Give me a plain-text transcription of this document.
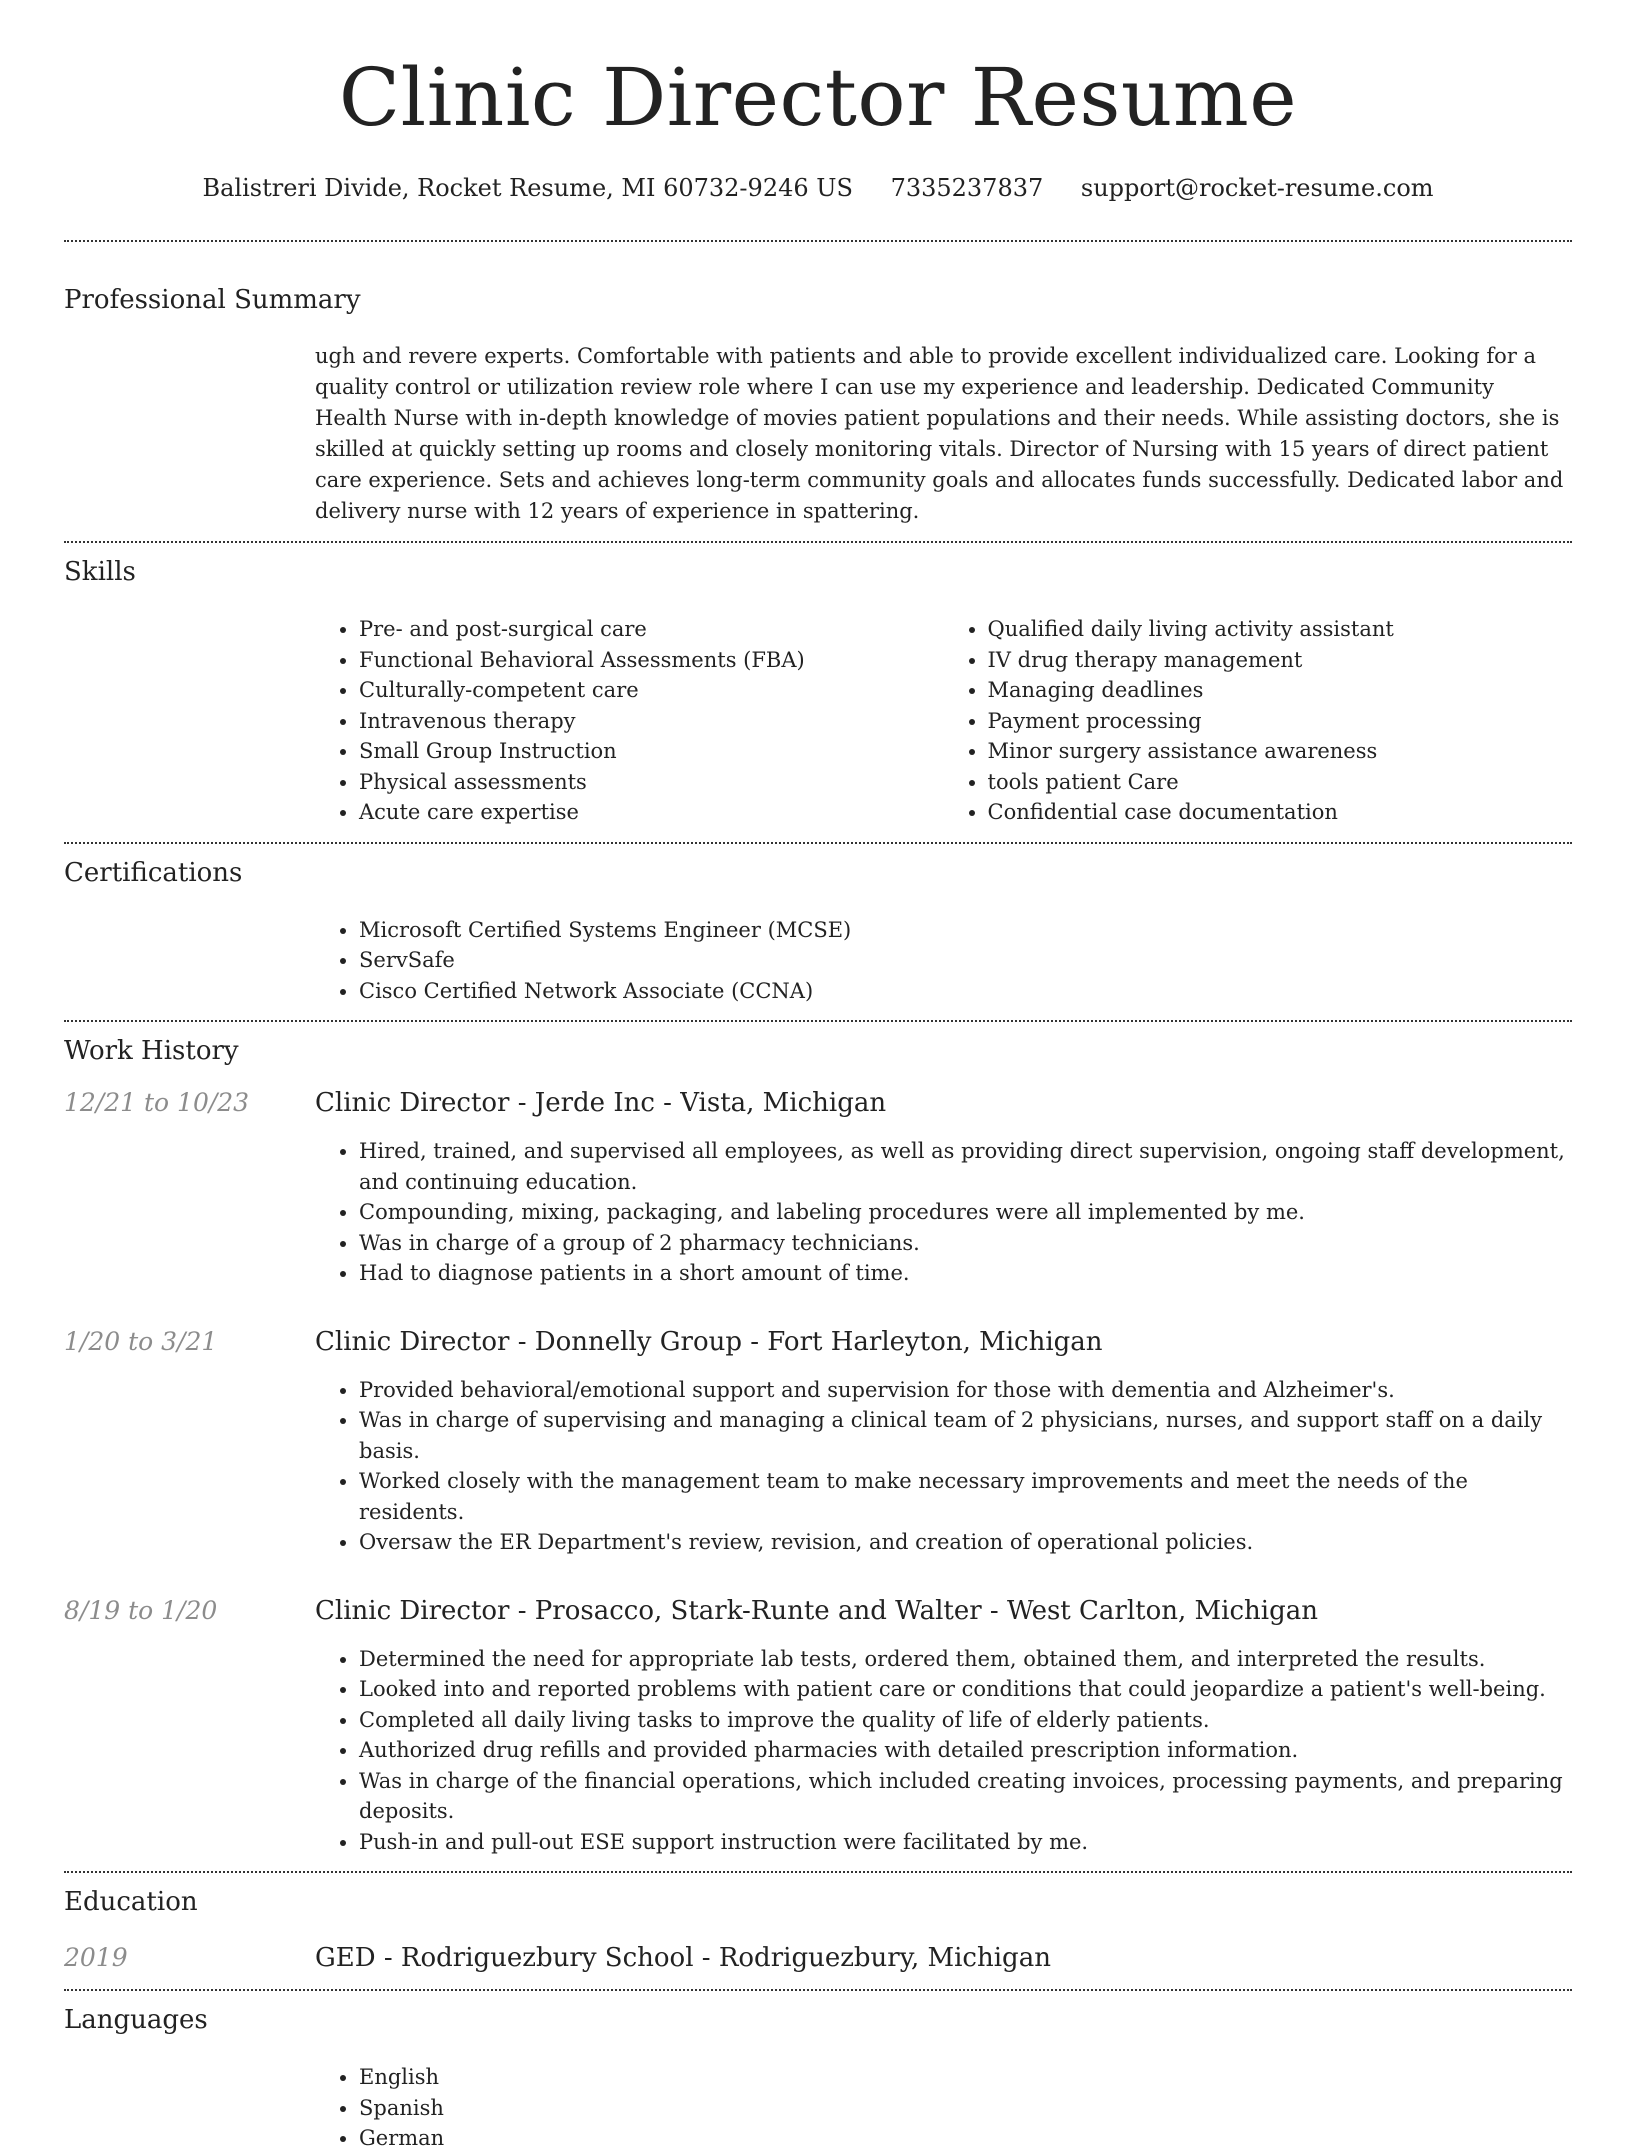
Clinic Director Resume
Balistreri Divide, Rocket Resume, MI 60732-9246 US 7335237837 support@rocket-resume.com
Professional Summary

ugh and revere experts. Comfortable with patients and able to provide excellent individualized care. Looking for a quality control or utilization review role where I can use my experience and leadership. Dedicated Community Health Nurse with in-depth knowledge of movies patient populations and their needs. While assisting doctors, she is skilled at quickly setting up rooms and closely monitoring vitals. Director of Nursing with 15 years of direct patient care experience. Sets and achieves long-term community goals and allocates funds successfully. Dedicated labor and delivery nurse with 12 years of experience in spattering.

Skills
• Pre- and post-surgical care
• Functional Behavioral Assessments (FBA)
• Culturally-competent care
• Intravenous therapy
• Small Group Instruction
• Physical assessments
• Acute care expertise
• Qualified daily living activity assistant
• IV drug therapy management
• Managing deadlines
• Payment processing
• Minor surgery assistance awareness
• tools patient Care
• Confidential case documentation
Certifications
• Microsoft Certified Systems Engineer (MCSE)
• ServSafe
• Cisco Certified Network Associate (CCNA)
Work History
12/21 to 10/23	Clinic Director - Jerde Inc - Vista, Michigan
• Hired, trained, and supervised all employees, as well as providing direct supervision, ongoing staff development, and continuing education.
• Compounding, mixing, packaging, and labeling procedures were all implemented by me.
• Was in charge of a group of 2 pharmacy technicians.
• Had to diagnose patients in a short amount of time.
1/20 to 3/21	Clinic Director - Donnelly Group - Fort Harleyton, Michigan
• Provided behavioral/emotional support and supervision for those with dementia and Alzheimer's.
• Was in charge of supervising and managing a clinical team of 2 physicians, nurses, and support staff on a daily basis.
• Worked closely with the management team to make necessary improvements and meet the needs of the residents.
• Oversaw the ER Department's review, revision, and creation of operational policies.
8/19 to 1/20	Clinic Director - Prosacco, Stark-Runte and Walter - West Carlton, Michigan
• Determined the need for appropriate lab tests, ordered them, obtained them, and interpreted the results.
• Looked into and reported problems with patient care or conditions that could jeopardize a patient's well-being.
• Completed all daily living tasks to improve the quality of life of elderly patients.
• Authorized drug refills and provided pharmacies with detailed prescription information.
• Was in charge of the financial operations, which included creating invoices, processing payments, and preparing deposits.
• Push-in and pull-out ESE support instruction were facilitated by me.
Education
2019	GED - Rodriguezbury School - Rodriguezbury, Michigan
Languages
• English
• Spanish
• German
